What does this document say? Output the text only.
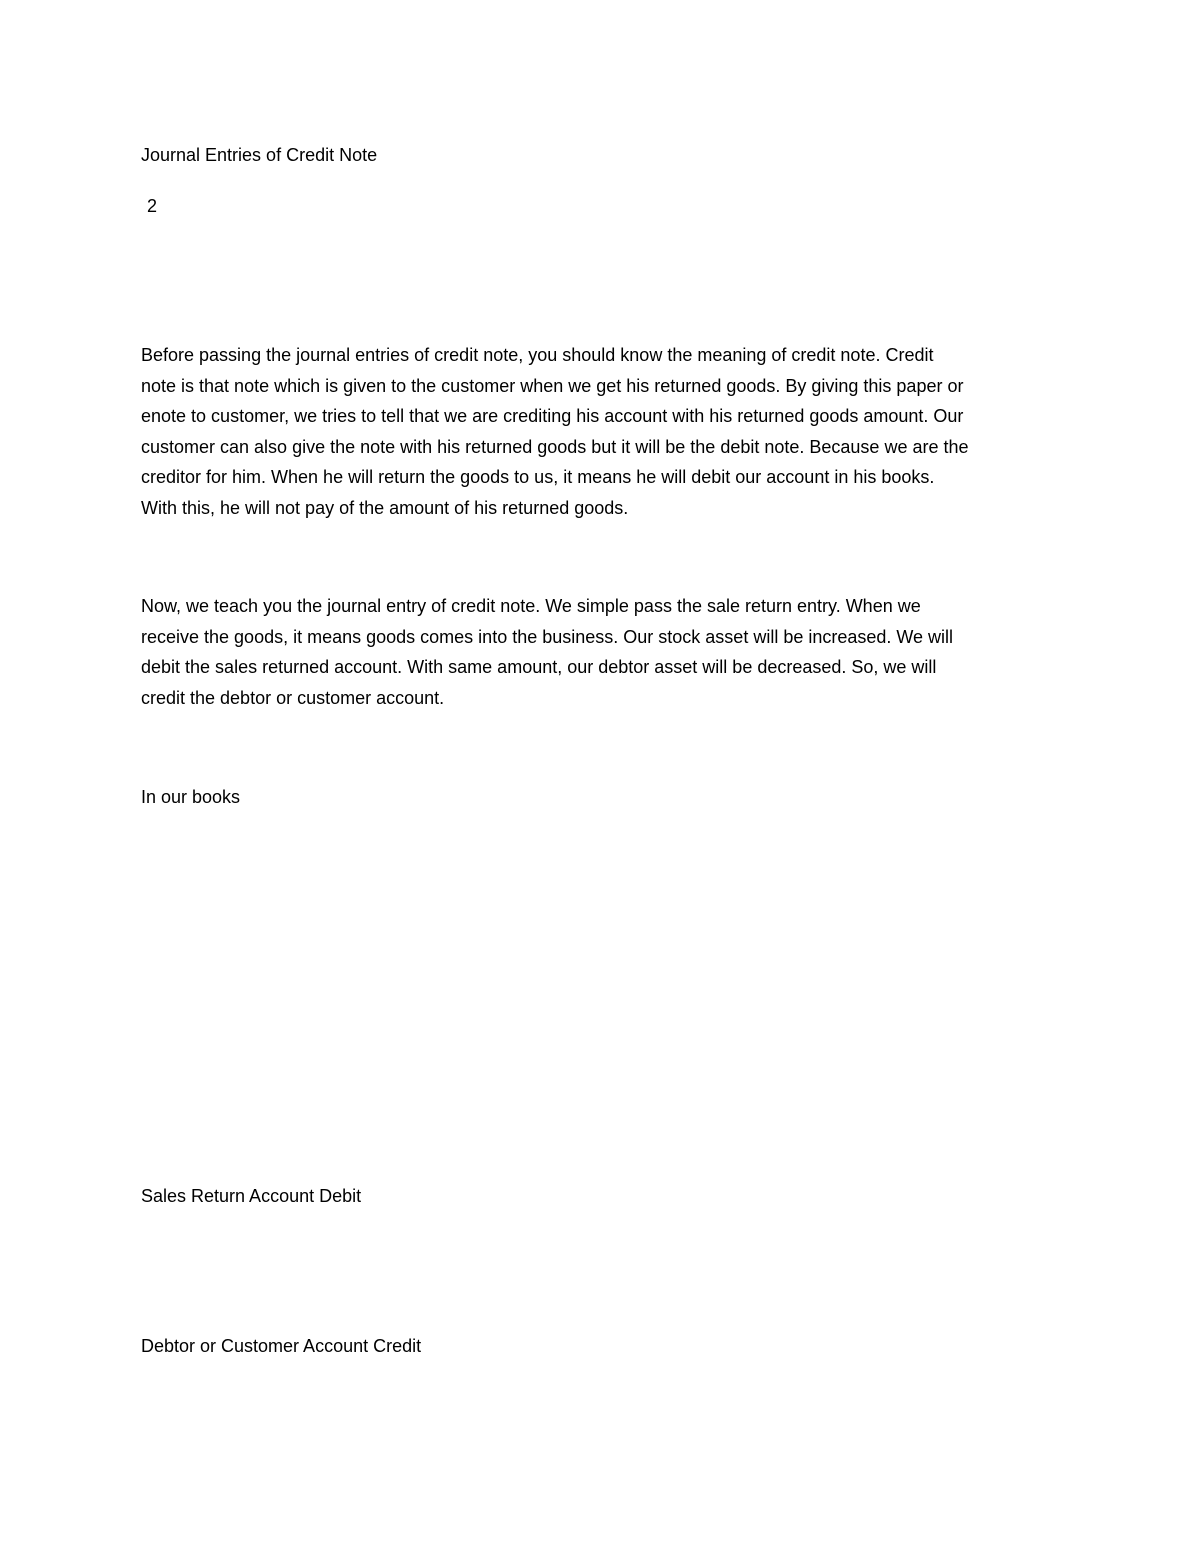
Journal Entries of Credit Note
2
Before passing the journal entries of credit note, you should know the meaning of credit note. Credit
note is that note which is given to the customer when we get his returned goods. By giving this paper or
enote to customer, we tries to tell that we are crediting his account with his returned goods amount. Our
customer can also give the note with his returned goods but it will be the debit note. Because we are the
creditor for him. When he will return the goods to us, it means he will debit our account in his books.
With this, he will not pay of the amount of his returned goods.
Now, we teach you the journal entry of credit note. We simple pass the sale return entry. When we
receive the goods, it means goods comes into the business. Our stock asset will be increased. We will
debit the sales returned account. With same amount, our debtor asset will be decreased. So, we will
credit the debtor or customer account.
In our books
Sales Return Account Debit
Debtor or Customer Account Credit
